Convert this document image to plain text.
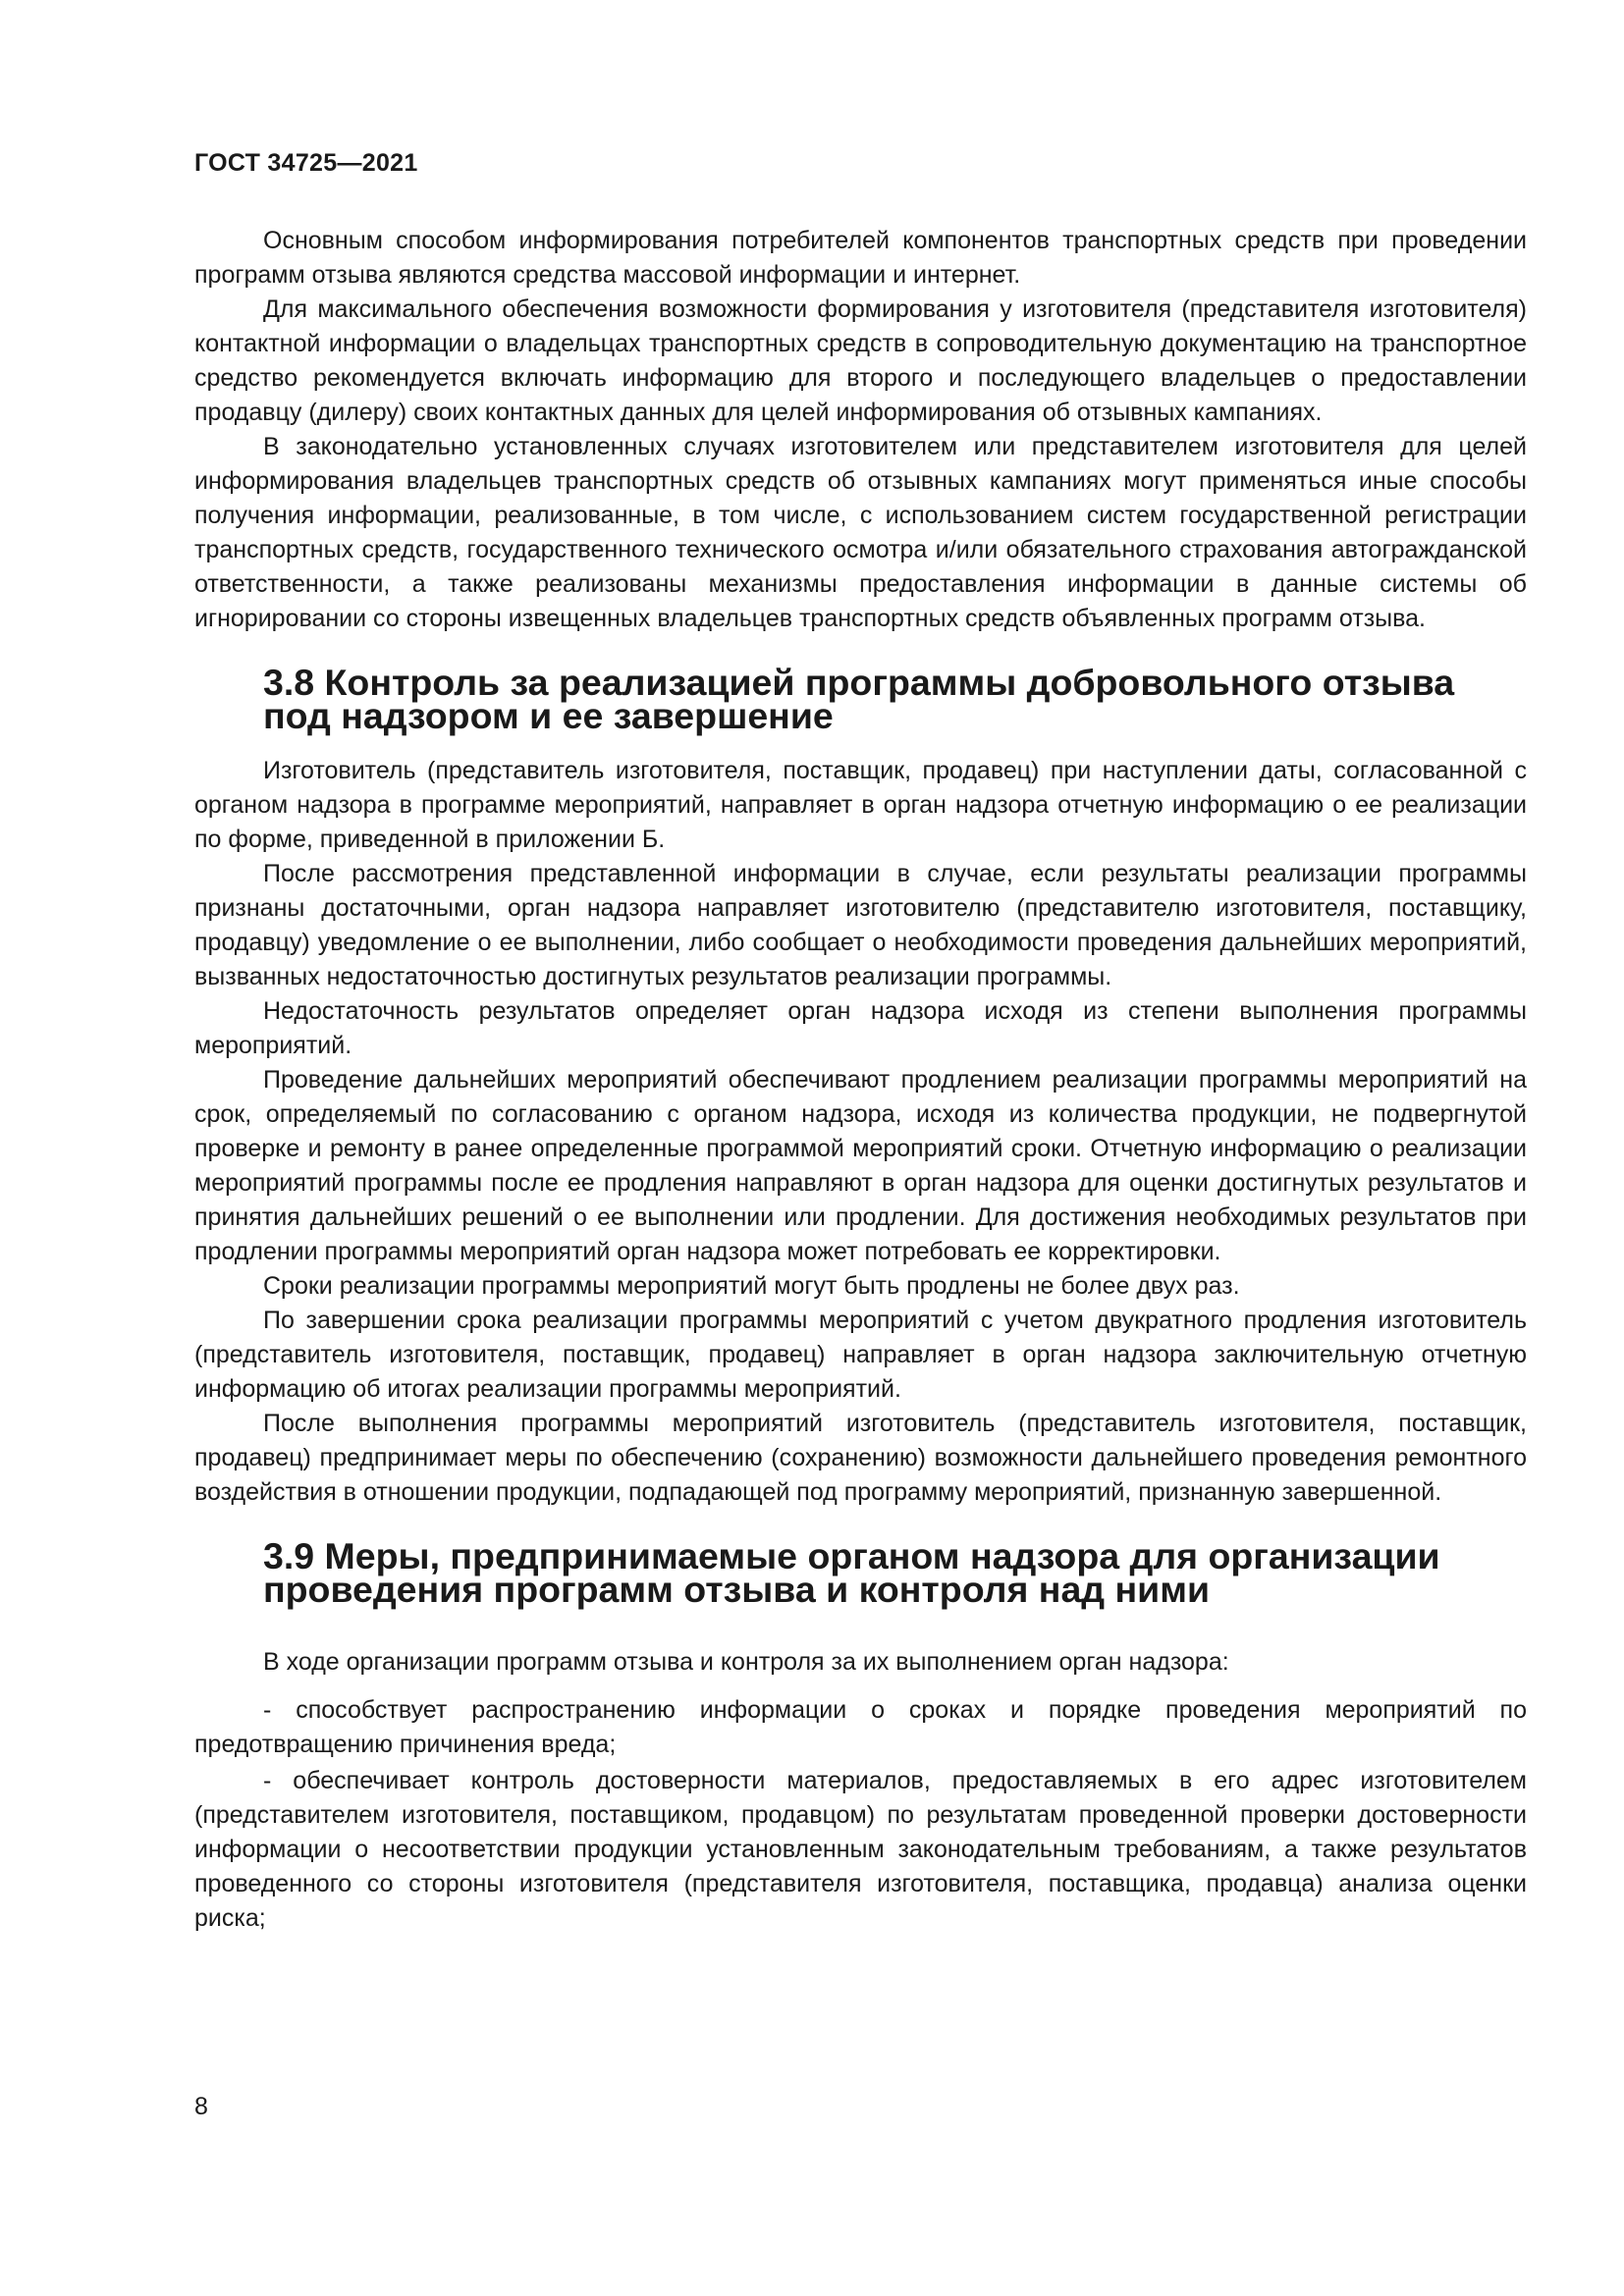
ГОСТ 34725—2021

Основным способом информирования потребителей компонентов транспортных средств при проведении программ отзыва являются средства массовой информации и интернет.

Для максимального обеспечения возможности формирования у изготовителя (представителя изготовителя) контактной информации о владельцах транспортных средств в сопроводительную документацию на транспортное средство рекомендуется включать информацию для второго и последующего владельцев о предоставлении продавцу (дилеру) своих контактных данных для целей информирования об отзывных кампаниях.

В законодательно установленных случаях изготовителем или представителем изготовителя для целей информирования владельцев транспортных средств об отзывных кампаниях могут применяться иные способы получения информации, реализованные, в том числе, с использованием систем государственной регистрации транспортных средств, государственного технического осмотра и/или обязательного страхования автогражданской ответственности, а также реализованы механизмы предоставления информации в данные системы об игнорировании со стороны извещенных владельцев транспортных средств объявленных программ отзыва.

3.8 Контроль за реализацией программы добровольного отзыва под надзором и ее завершение

Изготовитель (представитель изготовителя, поставщик, продавец) при наступлении даты, согласованной с органом надзора в программе мероприятий, направляет в орган надзора отчетную информацию о ее реализации по форме, приведенной в приложении Б.

После рассмотрения представленной информации в случае, если результаты реализации программы признаны достаточными, орган надзора направляет изготовителю (представителю изготовителя, поставщику, продавцу) уведомление о ее выполнении, либо сообщает о необходимости проведения дальнейших мероприятий, вызванных недостаточностью достигнутых результатов реализации программы.

Недостаточность результатов определяет орган надзора исходя из степени выполнения программы мероприятий.

Проведение дальнейших мероприятий обеспечивают продлением реализации программы мероприятий на срок, определяемый по согласованию с органом надзора, исходя из количества продукции, не подвергнутой проверке и ремонту в ранее определенные программой мероприятий сроки. Отчетную информацию о реализации мероприятий программы после ее продления направляют в орган надзора для оценки достигнутых результатов и принятия дальнейших решений о ее выполнении или продлении. Для достижения необходимых результатов при продлении программы мероприятий орган надзора может потребовать ее корректировки.

Сроки реализации программы мероприятий могут быть продлены не более двух раз.

По завершении срока реализации программы мероприятий с учетом двукратного продления изготовитель (представитель изготовителя, поставщик, продавец) направляет в орган надзора заключительную отчетную информацию об итогах реализации программы мероприятий.

После выполнения программы мероприятий изготовитель (представитель изготовителя, поставщик, продавец) предпринимает меры по обеспечению (сохранению) возможности дальнейшего проведения ремонтного воздействия в отношении продукции, подпадающей под программу мероприятий, признанную завершенной.

3.9 Меры, предпринимаемые органом надзора для организации проведения программ отзыва и контроля над ними

В ходе организации программ отзыва и контроля за их выполнением орган надзора:

- способствует распространению информации о сроках и порядке проведения мероприятий по предотвращению причинения вреда;

- обеспечивает контроль достоверности материалов, предоставляемых в его адрес изготовителем (представителем изготовителя, поставщиком, продавцом) по результатам проведенной проверки достоверности информации о несоответствии продукции установленным законодательным требованиям, а также результатов проведенного со стороны изготовителя (представителя изготовителя, поставщика, продавца) анализа оценки риска;

8
